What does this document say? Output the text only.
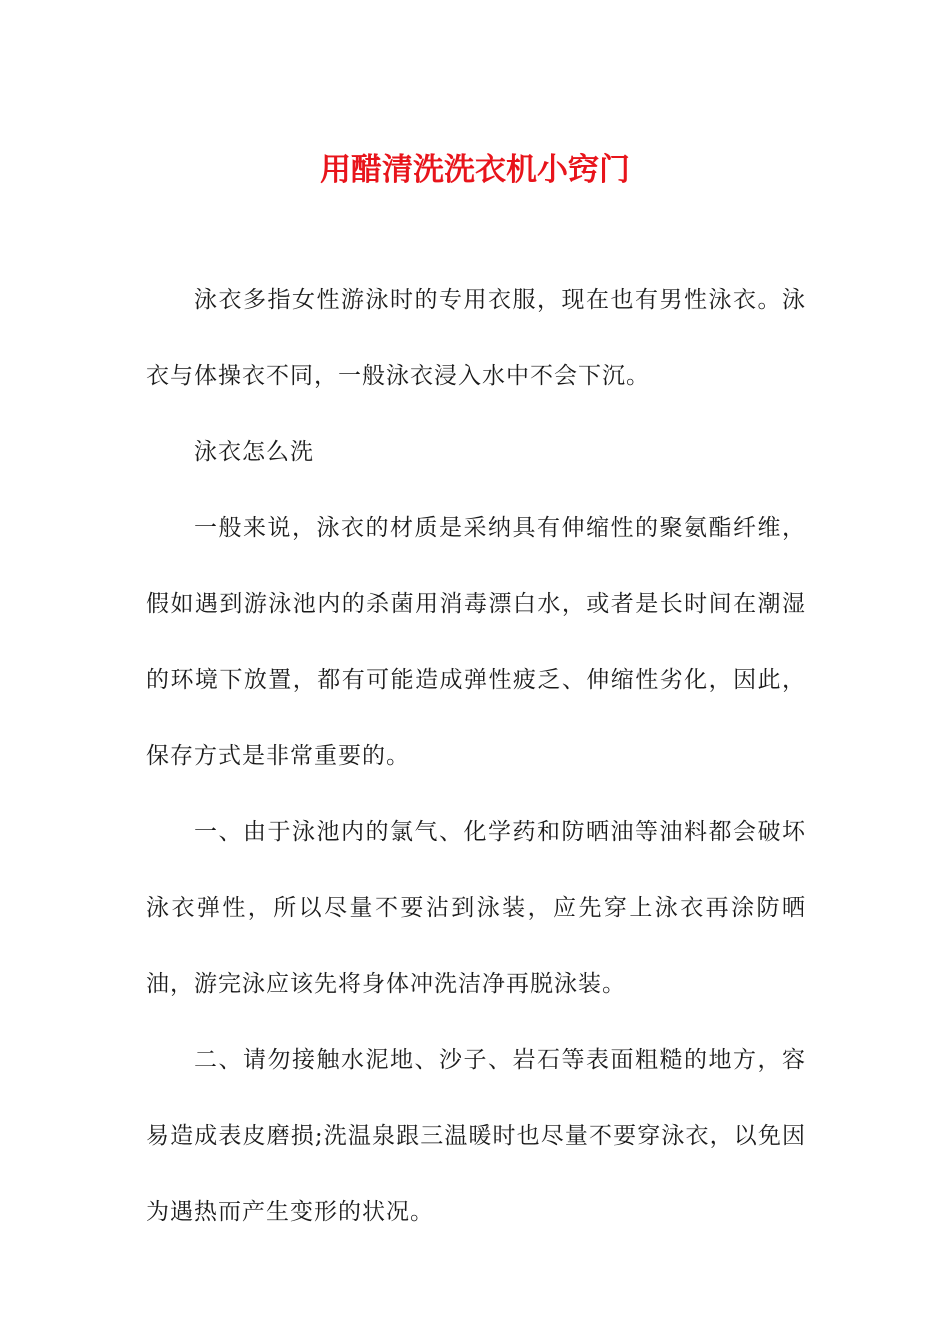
用醋清洗洗衣机小窍门

泳衣多指女性游泳时的专用衣服，现在也有男性泳衣。泳衣与体操衣不同，一般泳衣浸入水中不会下沉。

泳衣怎么洗

一般来说，泳衣的材质是采纳具有伸缩性的聚氨酯纤维，假如遇到游泳池内的杀菌用消毒漂白水，或者是长时间在潮湿的环境下放置，都有可能造成弹性疲乏、伸缩性劣化，因此，保存方式是非常重要的。

一、由于泳池内的氯气、化学药和防晒油等油料都会破坏泳衣弹性，所以尽量不要沾到泳装，应先穿上泳衣再涂防晒油，游完泳应该先将身体冲洗洁净再脱泳装。

二、请勿接触水泥地、沙子、岩石等表面粗糙的地方，容易造成表皮磨损;洗温泉跟三温暖时也尽量不要穿泳衣，以免因为遇热而产生变形的状况。
